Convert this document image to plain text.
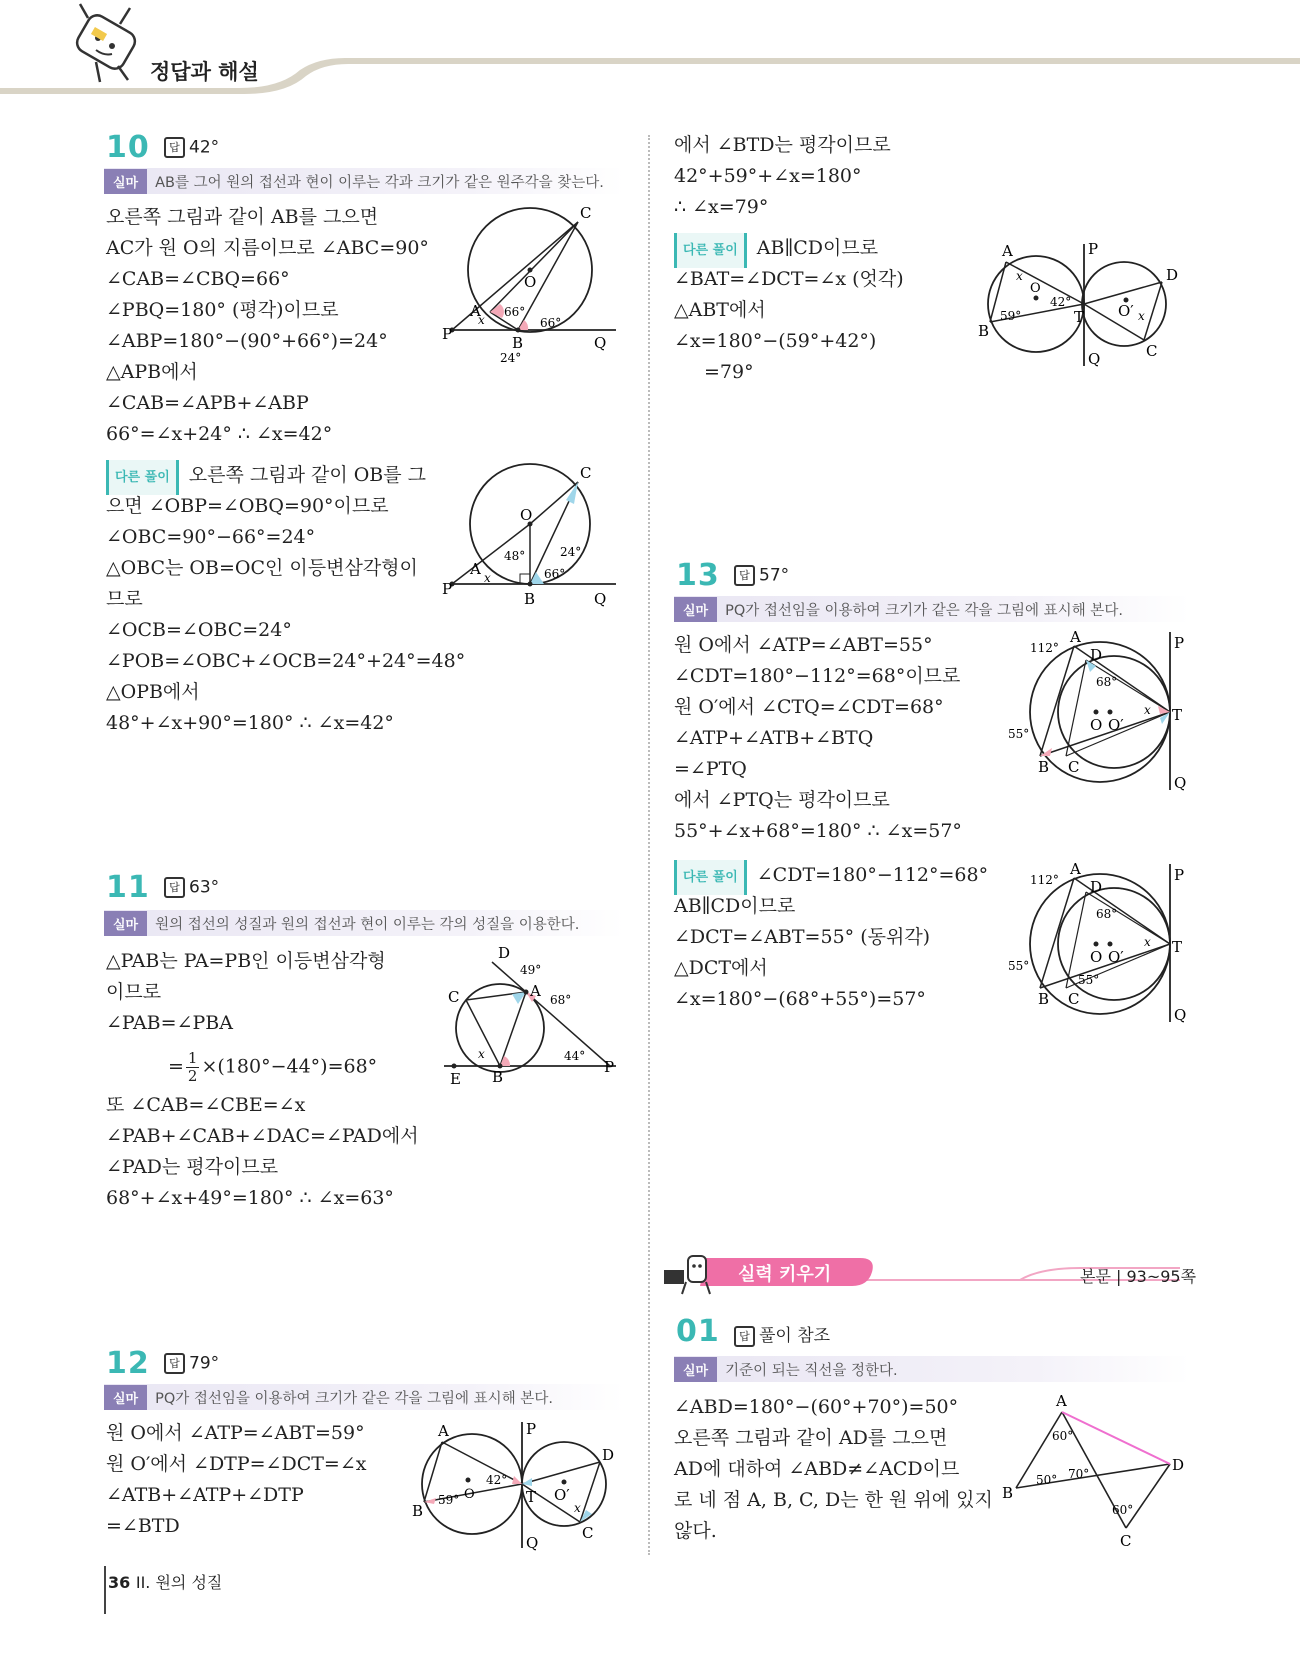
정답과 해설
10	답 42°
실마	AB를 그어 원의 접선과 현이 이루는 각과 크기가 같은 원주각을 찾는다.
오른쪽 그림과 같이 AB를 그으면
AC가 원 O의 지름이므로 ∠ABC=90°
∠CAB=∠CBQ=66°
∠PBQ=180° (평각)이므로
∠ABP=180°−(90°+66°)=24°
△APB에서
∠CAB=∠APB+∠ABP
66°=∠x+24° ∴ ∠x=42°
C
O
A
P	B	Q
66°
66°
x
24°
다른 풀이 오른쪽 그림과 같이 OB를 그
으면 ∠OBP=∠OBQ=90°이므로
∠OBC=90°−66°=24°
△OBC는 OB=OC인 이등변삼각형이
므로
∠OCB=∠OBC=24°
∠POB=∠OBC+∠OCB=24°+24°=48°
△OPB에서
48°+∠x+90°=180° ∴ ∠x=42°
C
O
A
P
B	Q
48°	24°
66°
x
11	답 63°
실마	원의 접선의 성질과 원의 접선과 현이 이루는 각의 성질을 이용한다.
△PAB는 PA=PB인 이등변삼각형
이므로
∠PAB=∠PBA
= $\frac{1}{2} \times(180^\circ-44^\circ)=68^\circ$
또 ∠CAB=∠CBE=∠x
∠PAB+∠CAB+∠DAC=∠PAD에서
∠PAD는 평각이므로
68°+∠x+49°=180° ∴ ∠x=63°
D
49°
C	A 68°
x	44°
E B
P
12	답 79°
실마	PQ가 접선임을 이용하여 크기가 같은 각을 그림에 표시해 본다.
원 O에서 ∠ATP=∠ABT=59°
원 O′에서 ∠DTP=∠DCT=∠x
∠ATB+∠ATP+∠DTP
=∠BTD
A	P
D
B
59°
42°
T
O	O′
x
C
Q
에서 ∠BTD는 평각이므로
42°+59°+∠x=180°
∴ ∠x=79°
다른 풀이 AB∥CD이므로
∠BAT=∠DCT=∠x (엇각)
△ABT에서
∠x=180°−(59°+42°)
=79°
A	P
D
x
O
59°
42°
T O′ x
B
C
Q
13	답 57°
실마	PQ가 접선임을 이용하여 크기가 같은 각을 그림에 표시해 본다.
원 O에서 ∠ATP=∠ABT=55°
∠CDT=180°−112°=68°이므로
원 O′에서 ∠CTQ=∠CDT=68°
∠ATP+∠ATB+∠BTQ
=∠PTQ
에서 ∠PTQ는 평각이므로
55°+∠x+68°=180° ∴ ∠x=57°
다른 풀이 ∠CDT=180°−112°=68°
AB∥CD이므로
∠DCT=∠ABT=55° (동위각)
△DCT에서
∠x=180°−(68°+55°)=57°
112°
A
D
P
68°
x T
O O′
55°
B C
Q
112°
A
D
P
68°
x T
O O′
55°
55°
B C
Q
실력 키우기	본문 | 93~95쪽
01	답 풀이 참조
실마	기준이 되는 직선을 정한다.
∠ABD=180°−(60°+70°)=50°
오른쪽 그림과 같이 AD를 그으면
AD에 대하여 ∠ABD≠∠ACD이므
로 네 점 A, B, C, D는 한 원 위에 있지
않다.
A
60°
B
50° 70°	D
60°
C
36 II. 원의 성질
